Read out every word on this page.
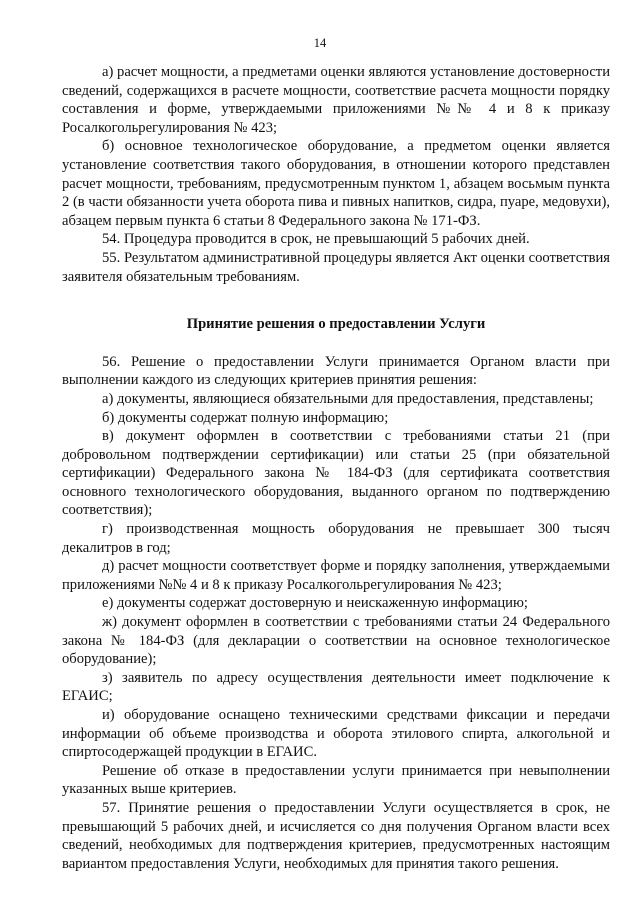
14

а) расчет мощности, а предметами оценки являются установление достоверности сведений, содержащихся в расчете мощности, соответствие расчета мощности порядку составления и форме, утверждаемыми приложениями №№ 4 и 8 к приказу Росалкогольрегулирования № 423;

б) основное технологическое оборудование, а предметом оценки является установление соответствия такого оборудования, в отношении которого представлен расчет мощности, требованиям, предусмотренным пунктом 1, абзацем восьмым пункта 2 (в части обязанности учета оборота пива и пивных напитков, сидра, пуаре, медовухи), абзацем первым пункта 6 статьи 8 Федерального закона № 171-ФЗ.

54. Процедура проводится в срок, не превышающий 5 рабочих дней.

55. Результатом административной процедуры является Акт оценки соответствия заявителя обязательным требованиям.

Принятие решения о предоставлении Услуги

56. Решение о предоставлении Услуги принимается Органом власти при выполнении каждого из следующих критериев принятия решения:

а) документы, являющиеся обязательными для предоставления, представлены;

б) документы содержат полную информацию;

в) документ оформлен в соответствии с требованиями статьи 21 (при добровольном подтверждении сертификации) или статьи 25 (при обязательной сертификации) Федерального закона № 184-ФЗ (для сертификата соответствия основного технологического оборудования, выданного органом по подтверждению соответствия);

г) производственная мощность оборудования не превышает 300 тысяч декалитров в год;

д) расчет мощности соответствует форме и порядку заполнения, утверждаемыми приложениями №№ 4 и 8 к приказу Росалкогольрегулирования № 423;

е) документы содержат достоверную и неискаженную информацию;

ж) документ оформлен в соответствии с требованиями статьи 24 Федерального закона № 184-ФЗ (для декларации о соответствии на основное технологическое оборудование);

з) заявитель по адресу осуществления деятельности имеет подключение к ЕГАИС;

и) оборудование оснащено техническими средствами фиксации и передачи информации об объеме производства и оборота этилового спирта, алкогольной и спиртосодержащей продукции в ЕГАИС.

Решение об отказе в предоставлении услуги принимается при невыполнении указанных выше критериев.

57. Принятие решения о предоставлении Услуги осуществляется в срок, не превышающий 5 рабочих дней, и исчисляется со дня получения Органом власти всех сведений, необходимых для подтверждения критериев, предусмотренных настоящим вариантом предоставления Услуги, необходимых для принятия такого решения.
